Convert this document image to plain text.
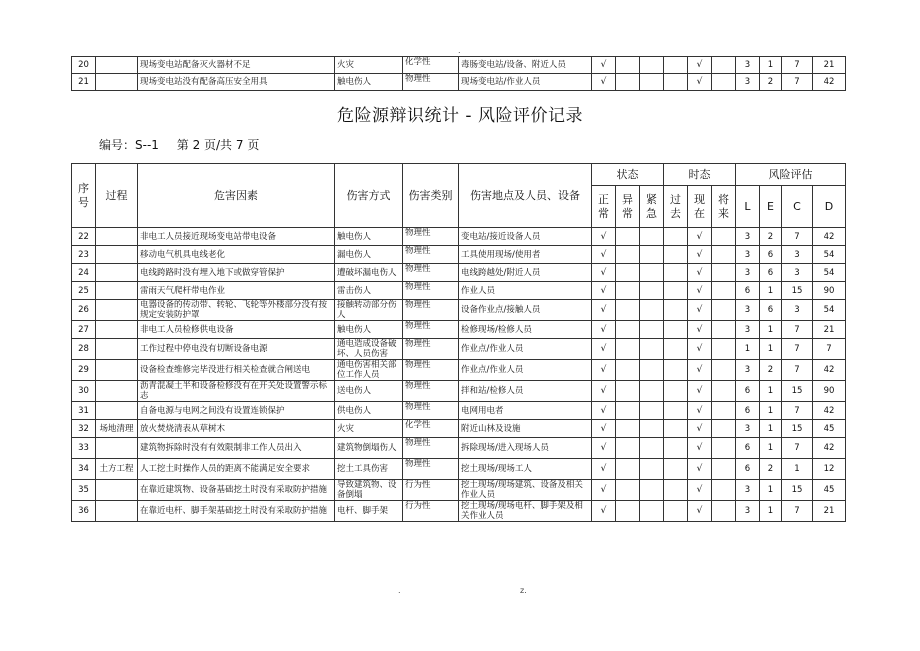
.
20		现场变电站配备灭火器材不足	火灾	化学性	毒肠变电站/设备、附近人员	√				√		3	1	7	21
21		现场变电站没有配备高压安全用具	触电伤人	物理性	现场变电站/作业人员	√				√		3	2	7	42
危险源辩识统计 - 风险评价记录
编号：S--1 第 2 页/共 7 页
序号	过程	危害因素	伤害方式	伤害类别	伤害地点及人员、设备	状态			时态			风险评估			
						正常	异常	紧急	过去	现在	将来	L	E	C	D
22		非电工人员接近现场变电站带电设备	触电伤人	物理性	变电站/接近设备人员	√				√		3	2	7	42
23		移动电气机具电线老化	漏电伤人	物理性	工具使用现场/使用者	√				√		3	6	3	54
24		电线跨路时没有埋入地下或做穿管保护	遭破坏漏电伤人	物理性	电线跨越处/附近人员	√				√		3	6	3	54
25		雷雨天气爬杆带电作业	雷击伤人	物理性	作业人员	√				√		6	1	15	90
26		电器设备的传动带、转轮、飞轮等外楼部分没有按规定安装防护罩	接触转动部分伤人	物理性	设备作业点/接触人员	√				√		3	6	3	54
27		非电工人员检修供电设备	触电伤人	物理性	检修现场/检修人员	√				√		3	1	7	21
28		工作过程中停电没有切断设备电源	通电造成设备破坏、人员伤害	物理性	作业点/作业人员	√				√		1	1	7	7
29		设备检查维修完毕没进行相关检查就合闸送电	通电伤害相关部位工作人员	物理性	作业点/作业人员	√				√		3	2	7	42
30		沥青混凝土半和设备检修没有在开关处设置警示标志	送电伤人	物理性	拌和站/检修人员	√				√		6	1	15	90
31		自备电源与电网之间没有设置连锁保护	供电伤人	物理性	电网用电者	√				√		6	1	7	42
32	场地清理	放火焚烧清表从草树木	火灾	化学性	附近山林及设施	√				√		3	1	15	45
33		建筑物拆除时没有有效限制非工作人员出入	建筑物倒塌伤人	物理性	拆除现场/进入现场人员	√				√		6	1	7	42
34	土方工程	人工挖土时操作人员的距离不能满足安全要求	挖土工具伤害	物理性	挖土现场/现场工人	√				√		6	2	1	12
35		在靠近建筑物、设备基础挖土时没有采取防护措施	导致建筑物、设备倒塌	行为性	挖土现场/现场建筑、设备及相关作业人员	√				√		3	1	15	45
36		在靠近电杆、脚手架基础挖土时没有采取防护措施	电杆、脚手架	行为性	挖土现场/现场电杆、脚手架及相关作业人员	√				√		3	1	7	21
.	z.
